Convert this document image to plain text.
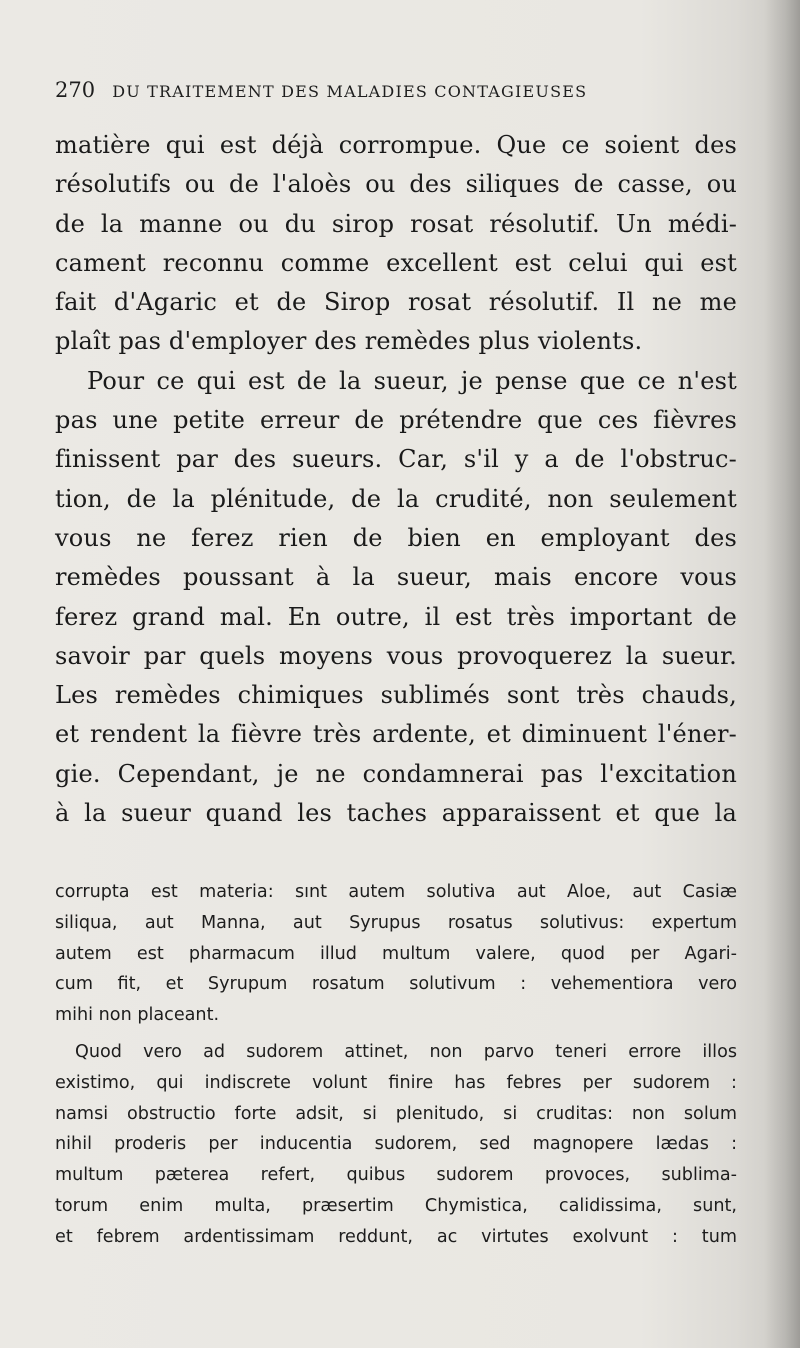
270 DU TRAITEMENT DES MALADIES CONTAGIEUSES
matière qui est déjà corrompue. Que ce soient des
résolutifs ou de l'aloès ou des siliques de casse, ou
de la manne ou du sirop rosat résolutif. Un médi-
cament reconnu comme excellent est celui qui est
fait d'Agaric et de Sirop rosat résolutif. Il ne me
plaît pas d'employer des remèdes plus violents.
Pour ce qui est de la sueur, je pense que ce n'est
pas une petite erreur de prétendre que ces fièvres
finissent par des sueurs. Car, s'il y a de l'obstruc-
tion, de la plénitude, de la crudité, non seulement
vous ne ferez rien de bien en employant des
remèdes poussant à la sueur, mais encore vous
ferez grand mal. En outre, il est très important de
savoir par quels moyens vous provoquerez la sueur.
Les remèdes chimiques sublimés sont très chauds,
et rendent la fièvre très ardente, et diminuent l'éner-
gie. Cependant, je ne condamnerai pas l'excitation
à la sueur quand les taches apparaissent et que la
corrupta est materia: sınt autem solutiva aut Aloe, aut Casiæ
siliqua, aut Manna, aut Syrupus rosatus solutivus: expertum
autem est pharmacum illud multum valere, quod per Agari-
cum fit, et Syrupum rosatum solutivum : vehementiora vero
mihi non placeant.
Quod vero ad sudorem attinet, non parvo teneri errore illos
existimo, qui indiscrete volunt finire has febres per sudorem :
namsi obstructio forte adsit, si plenitudo, si cruditas: non solum
nihil proderis per inducentia sudorem, sed magnopere lædas :
multum pæterea refert, quibus sudorem provoces, sublima-
torum enim multa, præsertim Chymistica, calidissima, sunt,
et febrem ardentissimam reddunt, ac virtutes exolvunt : tum
